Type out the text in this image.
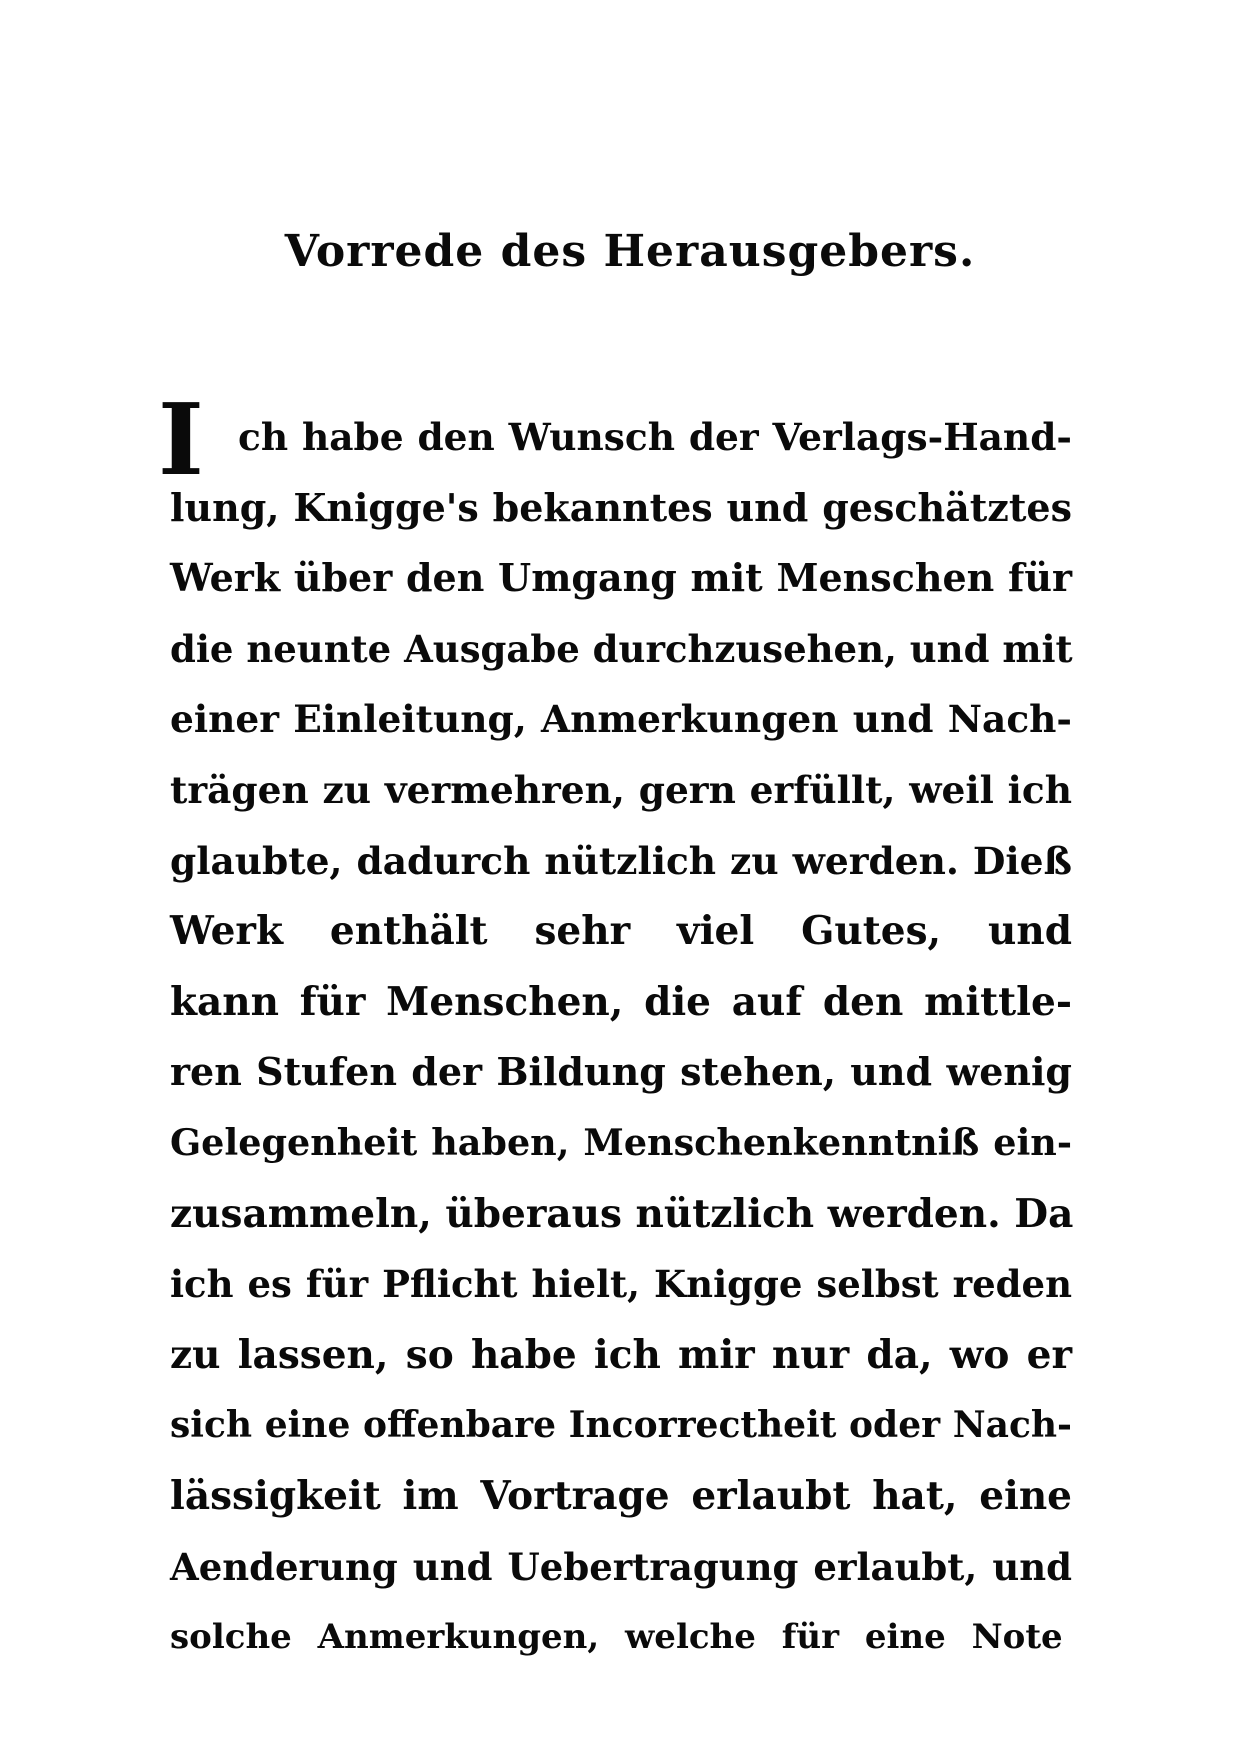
Vorrede des Herausgebers.
I ch habe den Wunsch der Verlags-Hand-
lung, Knigge's bekanntes und geschätztes
Werk über den Umgang mit Menschen für
die neunte Ausgabe durchzusehen, und mit
einer Einleitung, Anmerkungen und Nach-
trägen zu vermehren, gern erfüllt, weil ich
glaubte, dadurch nützlich zu werden. Dieß
Werk enthält sehr viel Gutes, und
kann für Menschen, die auf den mittle-
ren Stufen der Bildung stehen, und wenig
Gelegenheit haben, Menschenkenntniß ein-
zusammeln, überaus nützlich werden. Da
ich es für Pflicht hielt, Knigge selbst reden
zu lassen, so habe ich mir nur da, wo er
sich eine offenbare Incorrectheit oder Nach-
lässigkeit im Vortrage erlaubt hat, eine
Aenderung und Uebertragung erlaubt, und
solche Anmerkungen, welche für eine Note
